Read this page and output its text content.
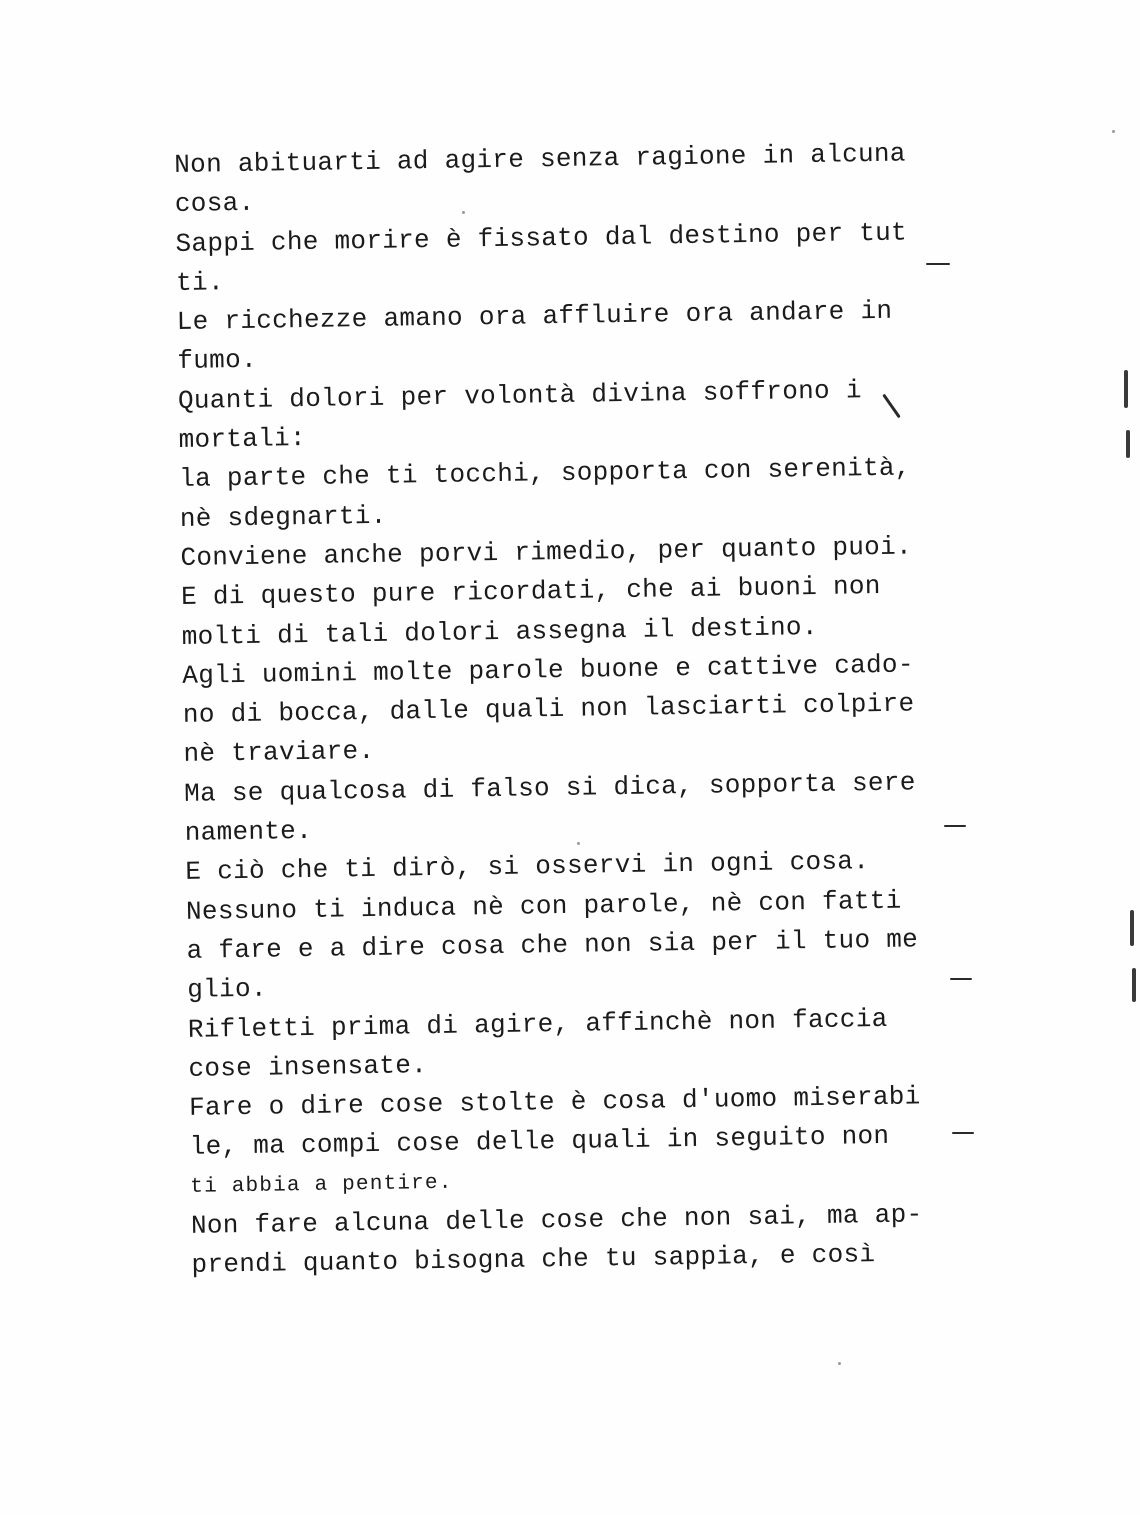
Non abituarti ad agire senza ragione in alcuna
cosa.
Sappi che morire è fissato dal destino per tut
ti.
Le ricchezze amano ora affluire ora andare in
fumo.
Quanti dolori per volontà divina soffrono i
mortali:
la parte che ti tocchi, sopporta con serenità,
nè sdegnarti.
Conviene anche porvi rimedio, per quanto puoi.
E di questo pure ricordati, che ai buoni non
molti di tali dolori assegna il destino.
Agli uomini molte parole buone e cattive cado-
no di bocca, dalle quali non lasciarti colpire
nè traviare.
Ma se qualcosa di falso si dica, sopporta sere
namente.
E ciò che ti dirò, si osservi in ogni cosa.
Nessuno ti induca nè con parole, nè con fatti
a fare e a dire cosa che non sia per il tuo me
glio.
Rifletti prima di agire, affinchè non faccia
cose insensate.
Fare o dire cose stolte è cosa d'uomo miserabi
le, ma compi cose delle quali in seguito non
ti abbia a pentire.
Non fare alcuna delle cose che non sai, ma ap-
prendi quanto bisogna che tu sappia, e così
